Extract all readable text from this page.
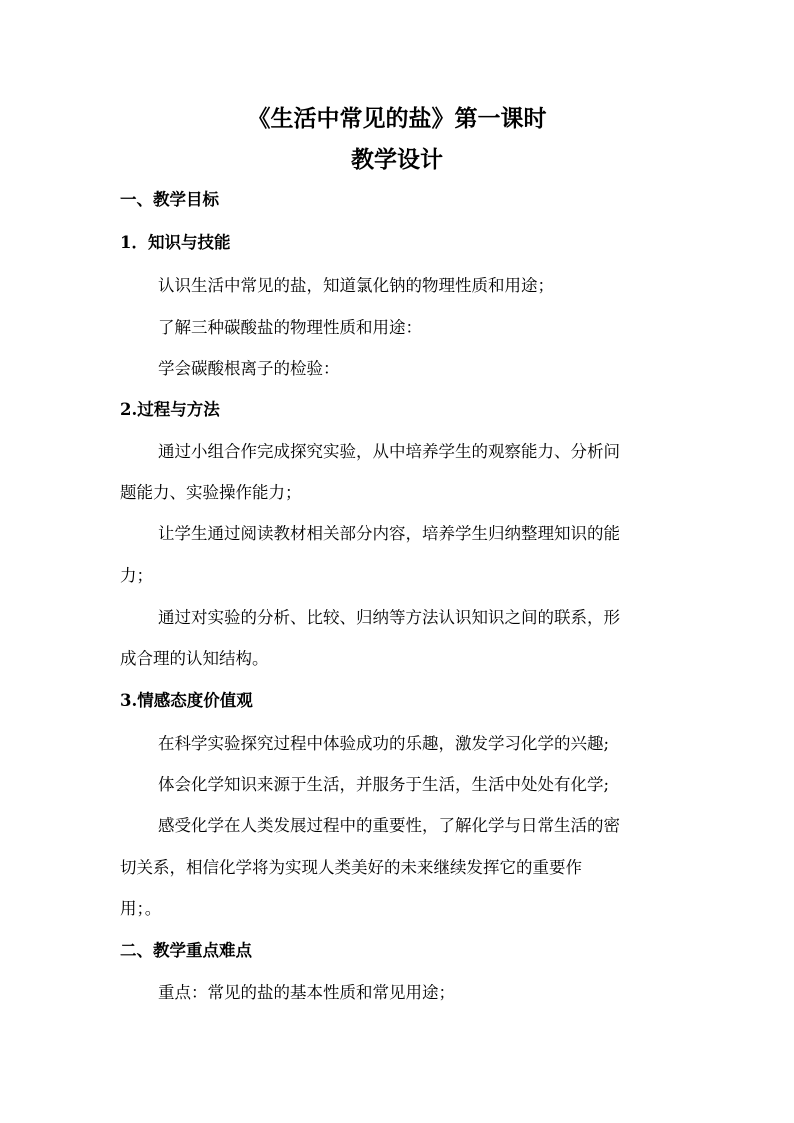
《生活中常见的盐》第一课时
教学设计

一、教学目标

1．知识与技能

认识生活中常见的盐，知道氯化钠的物理性质和用途；

了解三种碳酸盐的物理性质和用途：

学会碳酸根离子的检验：

2.过程与方法

通过小组合作完成探究实验，从中培养学生的观察能力、分析问

题能力、实验操作能力；

让学生通过阅读教材相关部分内容，培养学生归纳整理知识的能

力；

通过对实验的分析、比较、归纳等方法认识知识之间的联系，形

成合理的认知结构。

3.情感态度价值观

在科学实验探究过程中体验成功的乐趣，激发学习化学的兴趣;

体会化学知识来源于生活，并服务于生活，生活中处处有化学;

感受化学在人类发展过程中的重要性，了解化学与日常生活的密

切关系，相信化学将为实现人类美好的未来继续发挥它的重要作

用；。

二、教学重点难点

重点：常见的盐的基本性质和常见用途；
